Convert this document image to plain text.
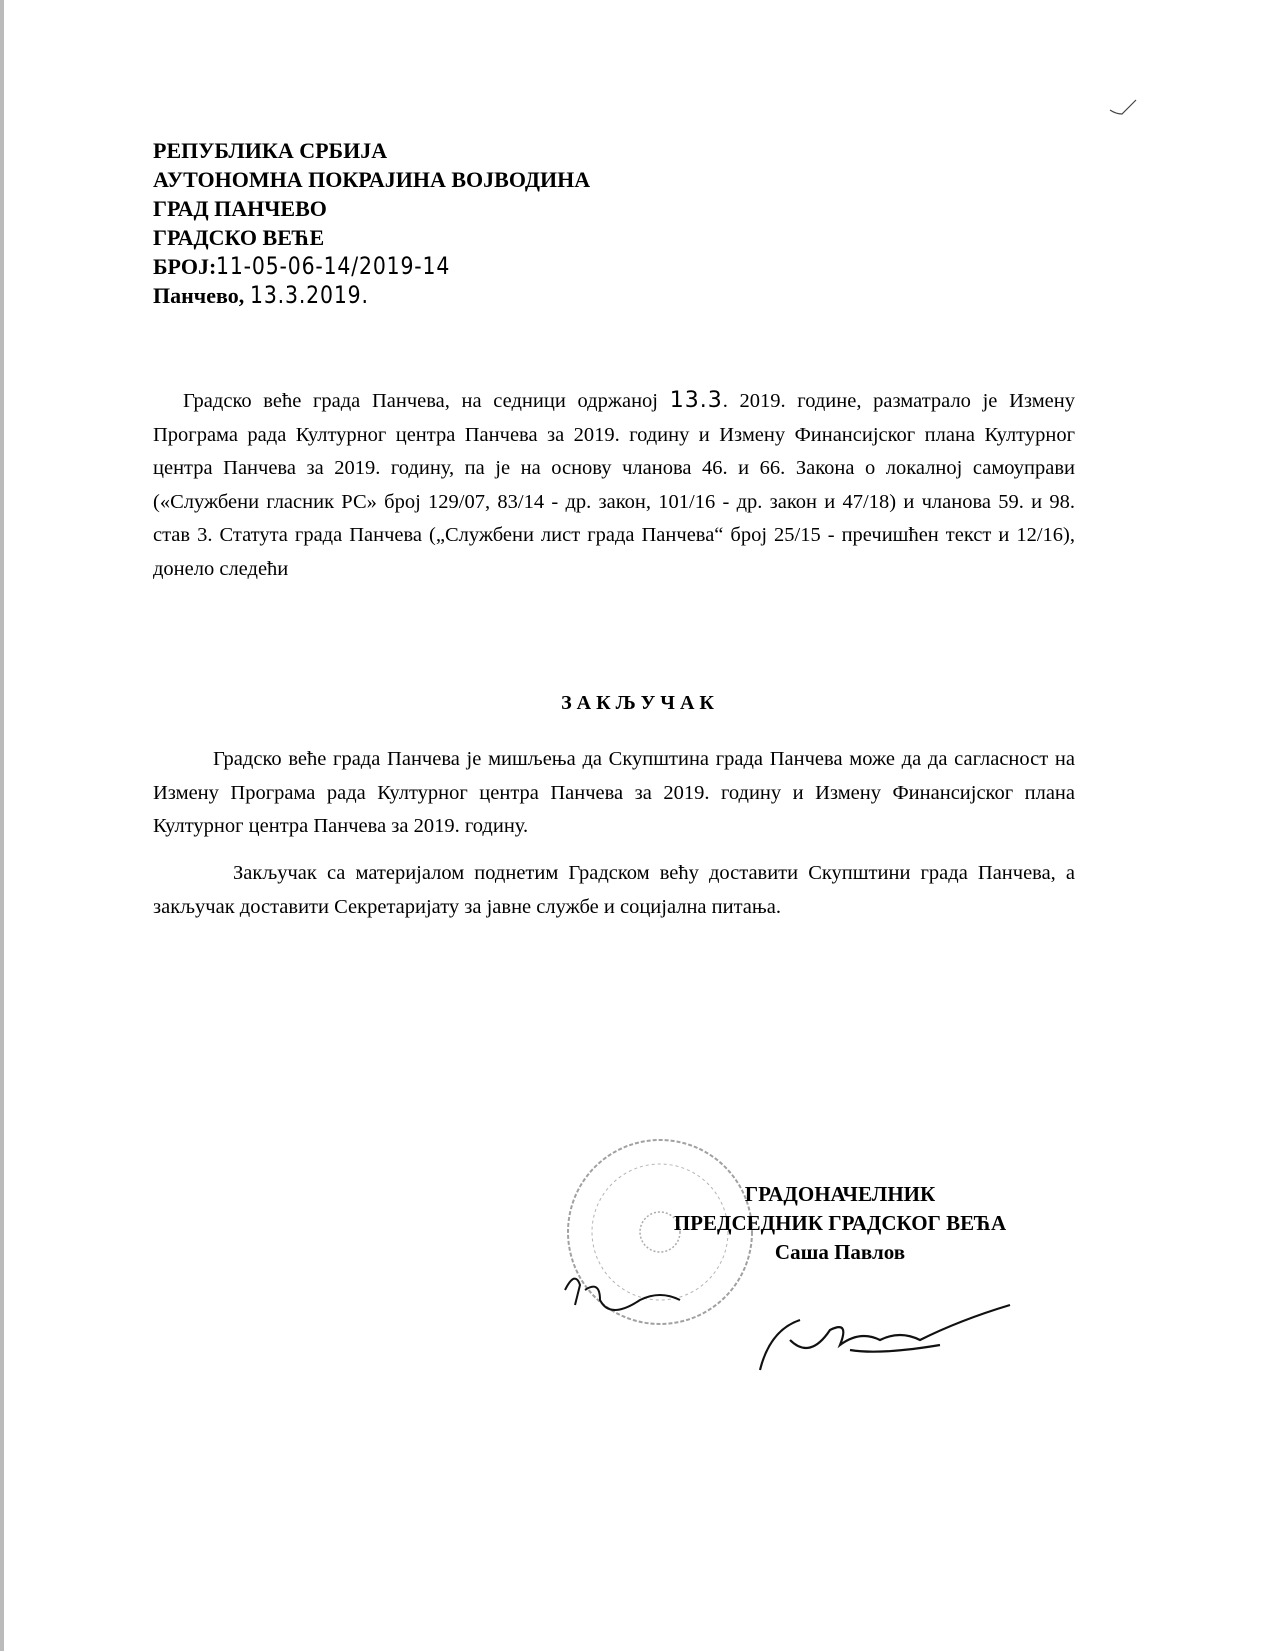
РЕПУБЛИКА СРБИЈА
АУТОНОМНА ПОКРАЈИНА ВОЈВОДИНА
ГРАД ПАНЧЕВО
ГРАДСКО ВЕЋЕ
БРОЈ:11-05-06-14/2019-14
Панчево, 13.3.2019.
Градско веће града Панчева, на седници одржаној 13.3. 2019. године, разматрало је Измену Програма рада Културног центра Панчева за 2019. годину и Измену Финансијског плана Културног центра Панчева за 2019. годину, па је на основу чланова 46. и 66. Закона о локалној самоуправи («Службени гласник РС» број 129/07, 83/14 - др. закон, 101/16 - др. закон и 47/18) и чланова 59. и 98. став 3. Статута града Панчева („Службени лист града Панчева“ број 25/15 - пречишћен текст и 12/16), донело следећи
З А К Љ У Ч А К
Градско веће града Панчева је мишљења да Скупштина града Панчева може да да сагласност на Измену Програма рада Културног центра Панчева за 2019. годину и Измену Финансијског плана Културног центра Панчева за 2019. годину.
Закључак са материјалом поднетим Градском већу доставити Скупштини града Панчева, а закључак доставити Секретаријату за јавне службе и социјална питања.
ГРАДОНАЧЕЛНИК
ПРЕДСЕДНИК ГРАДСКОГ ВЕЋА
Саша Павлов
